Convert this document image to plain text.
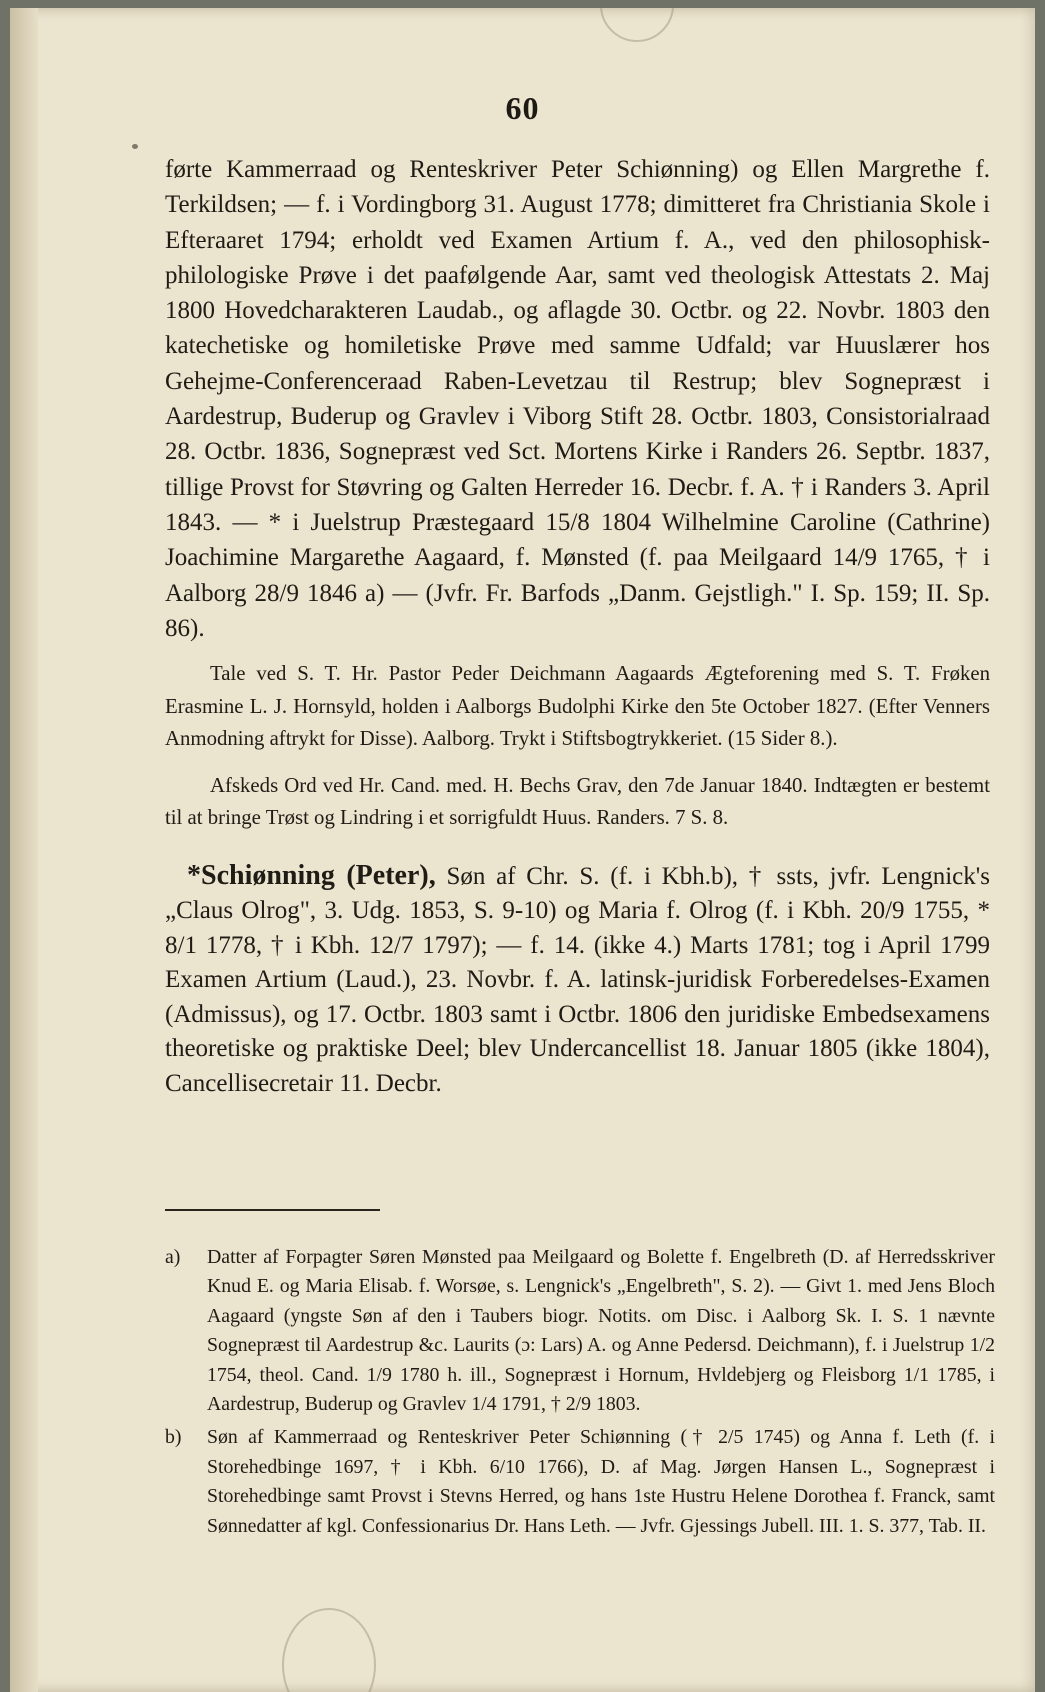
60

førte Kammerraad og Renteskriver Peter Schiønning) og Ellen Margrethe f. Terkildsen; — f. i Vordingborg 31. August 1778; dimitteret fra Christiania Skole i Efteraaret 1794; erholdt ved Examen Artium f. A., ved den philosophisk-philologiske Prøve i det paafølgende Aar, samt ved theologisk Attestats 2. Maj 1800 Hovedcharakteren Laudab., og aflagde 30. Octbr. og 22. Novbr. 1803 den katechetiske og homiletiske Prøve med samme Udfald; var Huuslærer hos Gehejme-Conferenceraad Raben-Levetzau til Restrup; blev Sognepræst i Aardestrup, Buderup og Gravlev i Viborg Stift 28. Octbr. 1803, Consistorialraad 28. Octbr. 1836, Sognepræst ved Sct. Mortens Kirke i Randers 26. Septbr. 1837, tillige Provst for Støvring og Galten Herreder 16. Decbr. f. A. † i Randers 3. April 1843. — * i Juelstrup Præstegaard 15/8 1804 Wilhelmine Caroline (Cathrine) Joachimine Margarethe Aagaard, f. Mønsted (f. paa Meilgaard 14/9 1765, † i Aalborg 28/9 1846 a) — (Jvfr. Fr. Barfods „Danm. Gejstligh." I. Sp. 159; II. Sp. 86).

Tale ved S. T. Hr. Pastor Peder Deichmann Aagaards Ægteforening med S. T. Frøken Erasmine L. J. Hornsyld, holden i Aalborgs Budolphi Kirke den 5te October 1827. (Efter Venners Anmodning aftrykt for Disse). Aalborg. Trykt i Stiftsbogtrykkeriet. (15 Sider 8.).

Afskeds Ord ved Hr. Cand. med. H. Bechs Grav, den 7de Januar 1840. Indtægten er bestemt til at bringe Trøst og Lindring i et sorrigfuldt Huus. Randers. 7 S. 8.

*Schiønning (Peter), Søn af Chr. S. (f. i Kbh.b), † ssts, jvfr. Lengnick's „Claus Olrog", 3. Udg. 1853, S. 9-10) og Maria f. Olrog (f. i Kbh. 20/9 1755, * 8/1 1778, † i Kbh. 12/7 1797); — f. 14. (ikke 4.) Marts 1781; tog i April 1799 Examen Artium (Laud.), 23. Novbr. f. A. latinsk-juridisk Forberedelses-Examen (Admissus), og 17. Octbr. 1803 samt i Octbr. 1806 den juridiske Embedsexamens theoretiske og praktiske Deel; blev Undercancellist 18. Januar 1805 (ikke 1804), Cancellisecretair 11. Decbr.

a)	Datter af Forpagter Søren Mønsted paa Meilgaard og Bolette f. Engelbreth (D. af Herredsskriver Knud E. og Maria Elisab. f. Worsøe, s. Lengnick's „Engelbreth", S. 2). — Givt 1. med Jens Bloch Aagaard (yngste Søn af den i Taubers biogr. Notits. om Disc. i Aalborg Sk. I. S. 1 nævnte Sognepræst til Aardestrup &c. Laurits (ɔ: Lars) A. og Anne Pedersd. Deichmann), f. i Juelstrup 1/2 1754, theol. Cand. 1/9 1780 h. ill., Sognepræst i Hornum, Hvldebjerg og Fleisborg 1/1 1785, i Aardestrup, Buderup og Gravlev 1/4 1791, † 2/9 1803.
b)	Søn af Kammerraad og Renteskriver Peter Schiønning († 2/5 1745) og Anna f. Leth (f. i Storehedbinge 1697, † i Kbh. 6/10 1766), D. af Mag. Jørgen Hansen L., Sognepræst i Storehedbinge samt Provst i Stevns Herred, og hans 1ste Hustru Helene Dorothea f. Franck, samt Sønnedatter af kgl. Confessionarius Dr. Hans Leth. — Jvfr. Gjessings Jubell. III. 1. S. 377, Tab. II.
